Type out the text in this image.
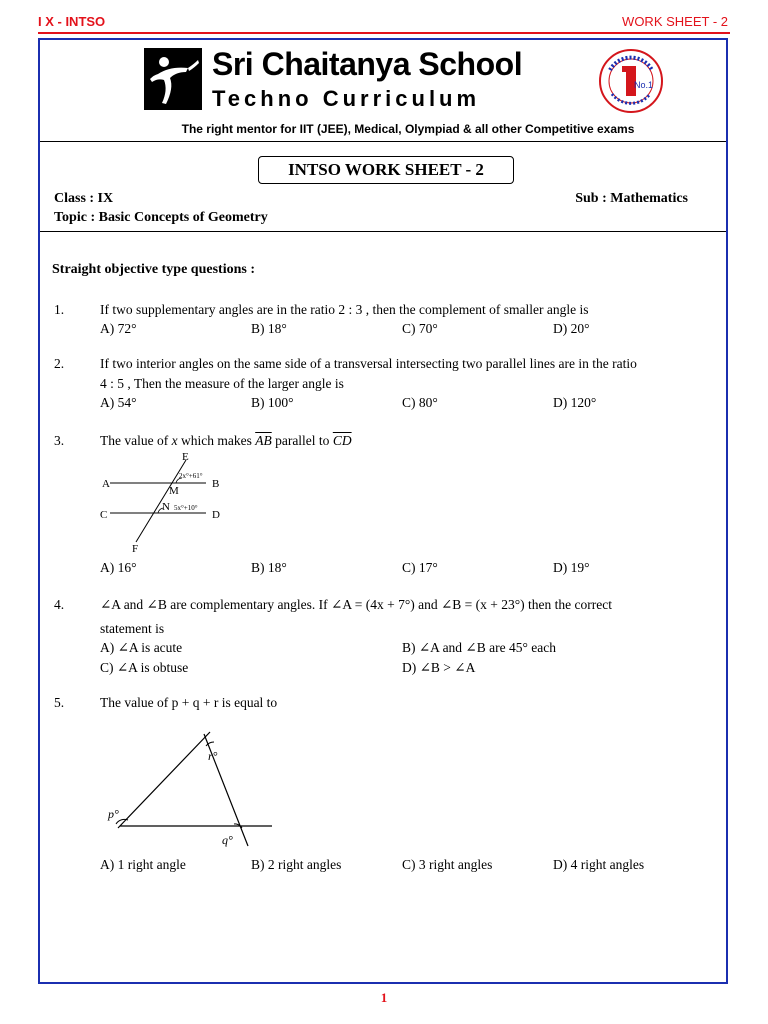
I X - INTSO	WORK SHEET - 2
Sri Chaitanya School
Techno Curriculum
No.1
The right mentor for IIT (JEE), Medical, Olympiad & all other Competitive exams
INTSO WORK SHEET - 2
Class : IX	Sub : Mathematics
Topic : Basic Concepts of Geometry
Straight objective type questions :
1.	If two supplementary angles are in the ratio 2 : 3 , then the complement of smaller angle is
A) 72°	B) 18°	C) 70°	D) 20°
2.	If two interior angles on the same side of a transversal intersecting two parallel lines are in the ratio
4 : 5 , Then the measure of the larger angle is
A) 54°	B) 100°	C) 80°	D) 120°
3.	The value of x which makes $\overline{AB}$ parallel to $\overline{CD}$
E
A	B
M
C
N
D
F
2x°+61°
5x°+10°
A) 16°	B) 18°	C) 17°	D) 19°
4.	∠A and ∠B are complementary angles. If ∠A = (4x + 7°) and ∠B = (x + 23°) then the correct
statement is
A) ∠A is acute	B) ∠A and ∠B are 45° each
C) ∠A is obtuse	D) ∠B > ∠A
5.	The value of p + q + r is equal to
p°
q°
r°
A) 1 right angle	B) 2 right angles	C) 3 right angles	D) 4 right angles
1
